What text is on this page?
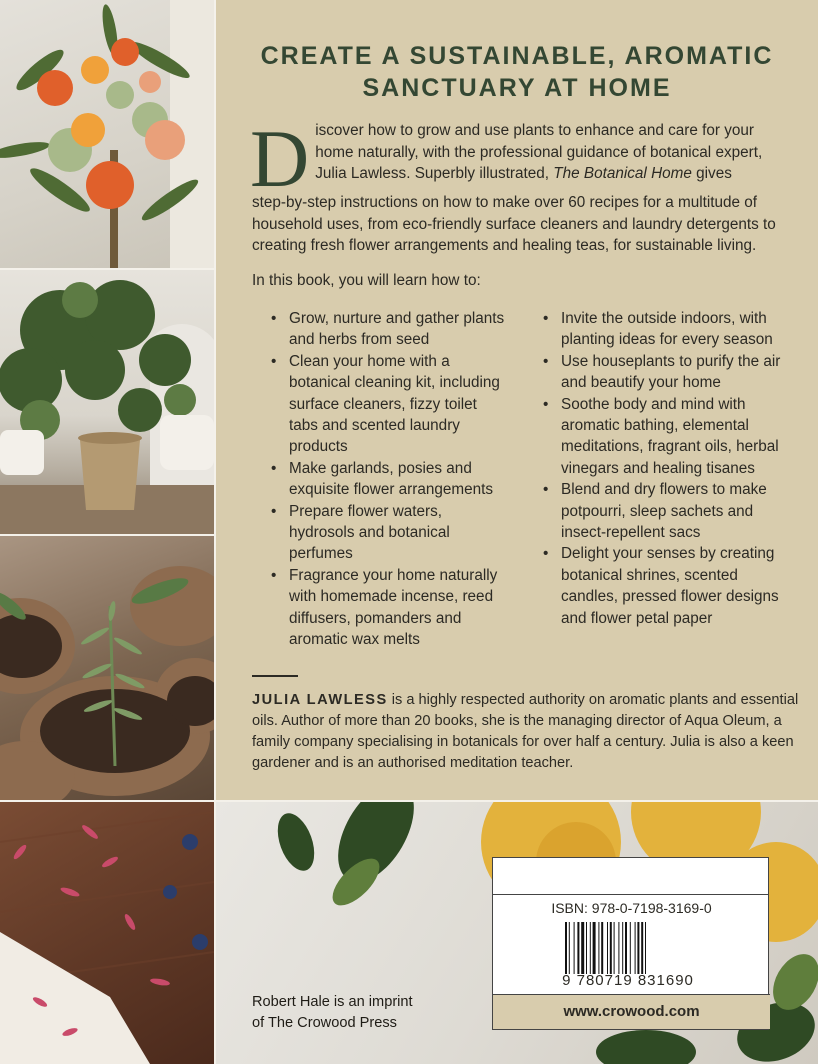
CREATE A SUSTAINABLE, AROMATIC
SANCTUARY AT HOME
D iscover how to grow and use plants to enhance and care for your
home naturally, with the professional guidance of botanical expert,
Julia Lawless. Superbly illustrated, The Botanical Home gives
step-by-step instructions on how to make over 60 recipes for a multitude of
household uses, from eco-friendly surface cleaners and laundry detergents to
creating fresh flower arrangements and healing teas, for sustainable living.
In this book, you will learn how to:
• Grow, nurture and gather plants
and herbs from seed
• Clean your home with a
botanical cleaning kit, including
surface cleaners, fizzy toilet
tabs and scented laundry
products
• Make garlands, posies and
exquisite flower arrangements
• Prepare flower waters,
hydrosols and botanical
perfumes
• Fragrance your home naturally
with homemade incense, reed
diffusers, pomanders and
aromatic wax melts
• Invite the outside indoors, with
planting ideas for every season
• Use houseplants to purify the air
and beautify your home
• Soothe body and mind with
aromatic bathing, elemental
meditations, fragrant oils, herbal
vinegars and healing tisanes
• Blend and dry flowers to make
potpourri, sleep sachets and
insect-repellent sacs
• Delight your senses by creating
botanical shrines, scented
candles, pressed flower designs
and flower petal paper
JULIA LAWLESS is a highly respected authority on aromatic plants and essential
oils. Author of more than 20 books, she is the managing director of Aqua Oleum, a
family company specialising in botanicals for over half a century. Julia is also a keen
gardener and is an authorised meditation teacher.
Robert Hale is an imprint
of The Crowood Press
ISBN: 978-0-7198-3169-0
9 780719 831690
www.crowood.com
